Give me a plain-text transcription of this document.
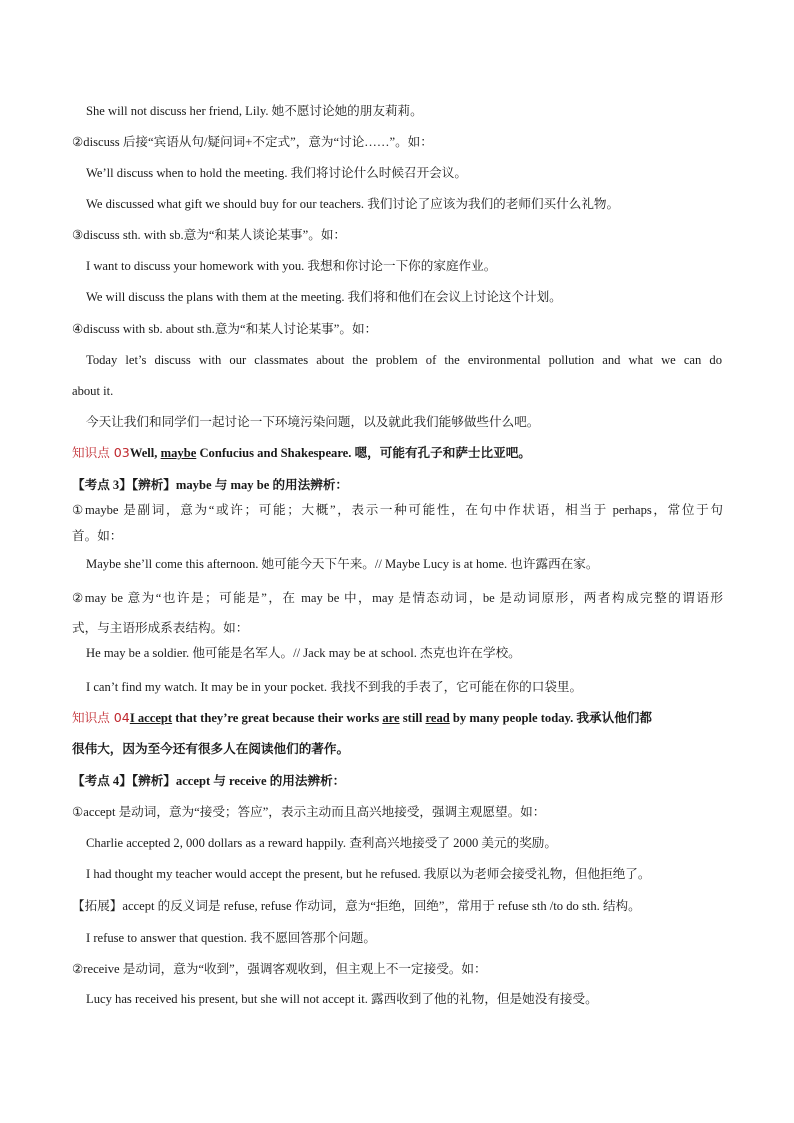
She will not discuss her friend, Lily. 她不愿讨论她的朋友莉莉。
②discuss 后接“宾语从句/疑问词+不定式”，意为“讨论……”。如：
We’ll discuss when to hold the meeting. 我们将讨论什么时候召开会议。
We discussed what gift we should buy for our teachers. 我们讨论了应该为我们的老师们买什么礼物。
③discuss sth. with sb.意为“和某人谈论某事”。如：
I want to discuss your homework with you. 我想和你讨论一下你的家庭作业。
We will discuss the plans with them at the meeting. 我们将和他们在会议上讨论这个计划。
④discuss with sb. about sth.意为“和某人讨论某事”。如：
Today let’s discuss with our classmates about the problem of the environmental pollution and what we can do
about it.
今天让我们和同学们一起讨论一下环境污染问题，以及就此我们能够做些什么吧。
知识点 03Well, maybe Confucius and Shakespeare. 嗯，可能有孔子和萨士比亚吧。
【考点 3】【辨析】maybe 与 may be 的用法辨析：
①maybe 是副词，意为“或许；可能；大概”，表示一种可能性，在句中作状语，相当于 perhaps，常位于句
首。如：
Maybe she’ll come this afternoon. 她可能今天下午来。// Maybe Lucy is at home. 也许露西在家。
②may be 意为“也许是；可能是”，在 may be 中，may 是情态动词，be 是动词原形，两者构成完整的谓语形
式，与主语形成系表结构。如：
He may be a soldier. 他可能是名军人。// Jack may be at school. 杰克也许在学校。
I can’t find my watch. It may be in your pocket. 我找不到我的手表了，它可能在你的口袋里。
知识点 04I accept that they’re great because their works are still read by many people today. 我承认他们都
很伟大，因为至今还有很多人在阅读他们的著作。
【考点 4】【辨析】accept 与 receive 的用法辨析：
①accept 是动词，意为“接受；答应”，表示主动而且高兴地接受，强调主观愿望。如：
Charlie accepted 2, 000 dollars as a reward happily. 查利高兴地接受了 2000 美元的奖励。
I had thought my teacher would accept the present, but he refused. 我原以为老师会接受礼物，但他拒绝了。
【拓展】accept 的反义词是 refuse, refuse 作动词，意为“拒绝，回绝”，常用于 refuse sth /to do sth. 结构。
I refuse to answer that question. 我不愿回答那个问题。
②receive 是动词，意为“收到”，强调客观收到，但主观上不一定接受。如：
Lucy has received his present, but she will not accept it. 露西收到了他的礼物，但是她没有接受。
